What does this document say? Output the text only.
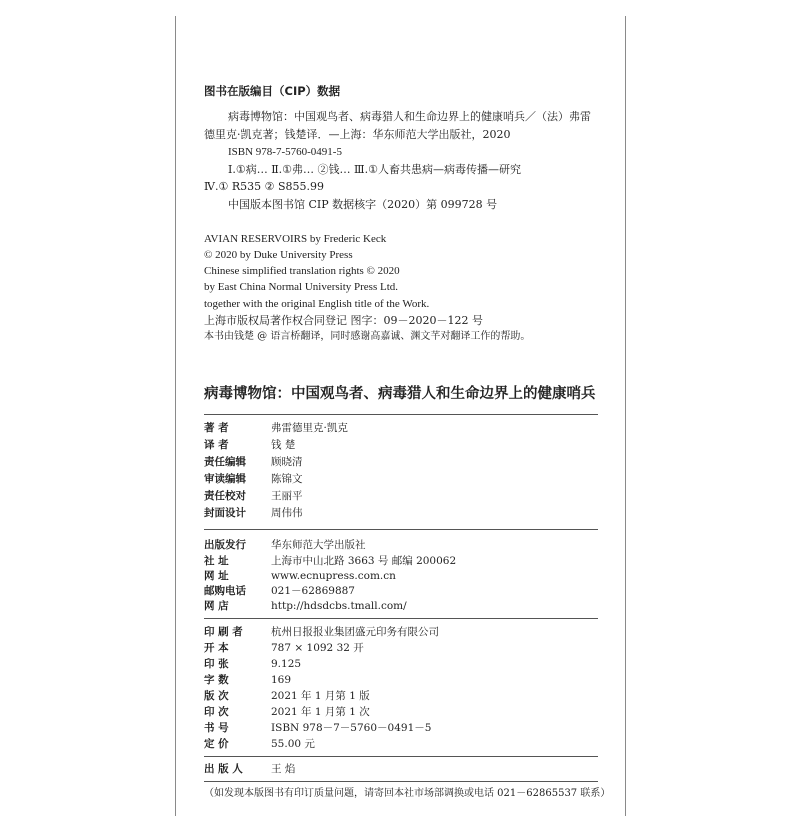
图书在版编目（CIP）数据
病毒博物馆：中国观鸟者、病毒猎人和生命边界上的健康哨兵／（法）弗雷
德里克·凯克著；钱楚译．—上海：华东师范大学出版社，2020
ISBN 978-7-5760-0491-5
Ⅰ.①病… Ⅱ.①弗… ②钱… Ⅲ.①人畜共患病—病毒传播—研究
Ⅳ.① R535 ② S855.99
中国版本图书馆 CIP 数据核字（2020）第 099728 号
AVIAN RESERVOIRS by Frederic Keck
© 2020 by Duke University Press
Chinese simplified translation rights © 2020
by East China Normal University Press Ltd.
together with the original English title of the Work.
上海市版权局著作权合同登记 图字：09－2020－122 号
本书由钱楚 @ 语言桥翻译，同时感谢高嘉诚、渊文芊对翻译工作的帮助。
病毒博物馆：中国观鸟者、病毒猎人和生命边界上的健康哨兵
著 者	弗雷德里克·凯克
译 者	钱 楚
责任编辑 顾晓清
审读编辑 陈锦文
责任校对 王丽平
封面设计 周伟伟
出版发行 华东师范大学出版社
社 址	上海市中山北路 3663 号 邮编 200062
网 址	www.ecnupress.com.cn
邮购电话 021－62869887
网 店	http://hdsdcbs.tmall.com/
印 刷 者	杭州日报报业集团盛元印务有限公司
开 本	787 × 1092 32 开
印 张	9.125
字 数	169
版 次	2021 年 1 月第 1 版
印 次	2021 年 1 月第 1 次
书 号	ISBN 978－7－5760－0491－5
定 价	55.00 元
出 版 人	王 焰
（如发现本版图书有印订质量问题，请寄回本社市场部调换或电话 021－62865537 联系）
